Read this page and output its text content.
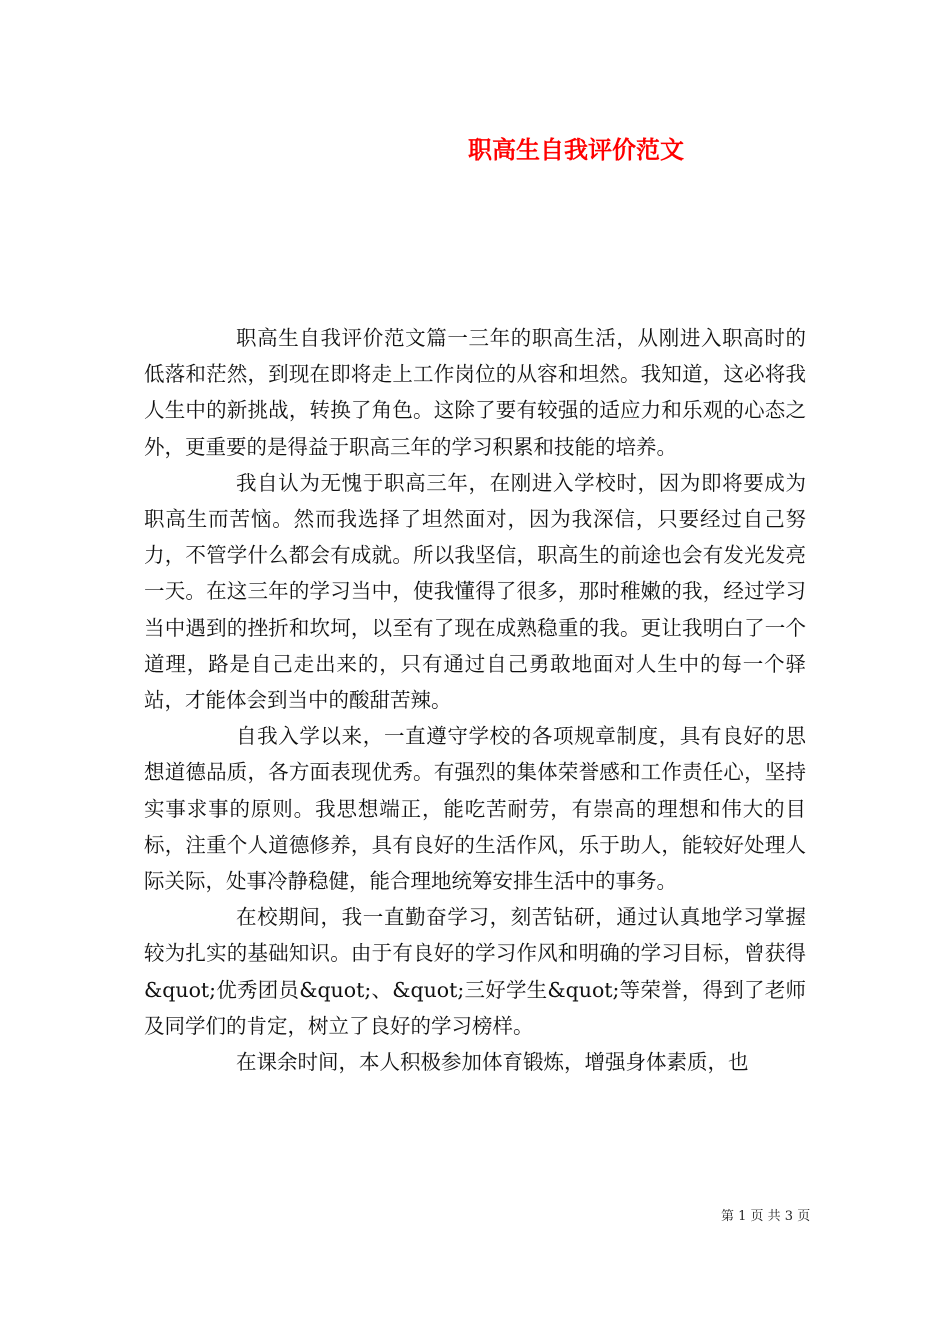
职高生自我评价范文

职高生自我评价范文篇一三年的职高生活，从刚进入职高时的低落和茫然，到现在即将走上工作岗位的从容和坦然。我知道，这必将我人生中的新挑战，转换了角色。这除了要有较强的适应力和乐观的心态之外，更重要的是得益于职高三年的学习积累和技能的培养。

我自认为无愧于职高三年，在刚进入学校时，因为即将要成为职高生而苦恼。然而我选择了坦然面对，因为我深信，只要经过自己努力，不管学什么都会有成就。所以我坚信，职高生的前途也会有发光发亮一天。在这三年的学习当中，使我懂得了很多，那时稚嫩的我，经过学习当中遇到的挫折和坎坷，以至有了现在成熟稳重的我。更让我明白了一个道理，路是自己走出来的，只有通过自己勇敢地面对人生中的每一个驿站，才能体会到当中的酸甜苦辣。

自我入学以来，一直遵守学校的各项规章制度，具有良好的思想道德品质，各方面表现优秀。有强烈的集体荣誉感和工作责任心，坚持实事求事的原则。我思想端正，能吃苦耐劳，有崇高的理想和伟大的目标，注重个人道德修养，具有良好的生活作风，乐于助人，能较好处理人际关际，处事冷静稳健，能合理地统筹安排生活中的事务。

在校期间，我一直勤奋学习，刻苦钻研，通过认真地学习掌握较为扎实的基础知识。由于有良好的学习作风和明确的学习目标，曾获得&quot;优秀团员&quot;、&quot;三好学生&quot;等荣誉，得到了老师及同学们的肯定，树立了良好的学习榜样。

在课余时间，本人积极参加体育锻炼，增强身体素质，也

第 1 页 共 3 页
